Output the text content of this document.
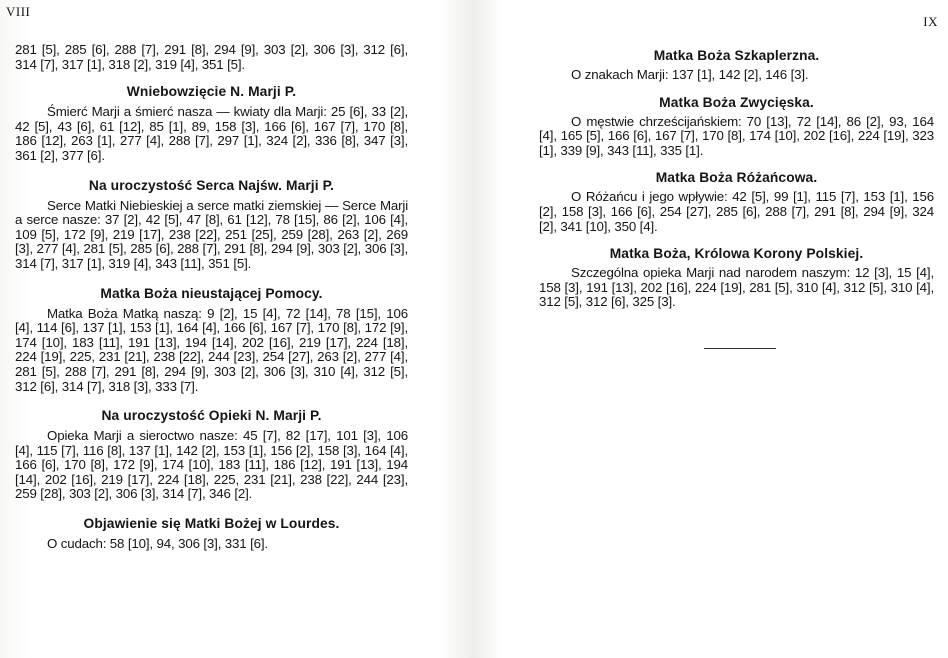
VIII

281 [5], 285 [6], 288 [7], 291 [8], 294 [9], 303 [2], 306 [3], 312 [6], 314 [7], 317 [1], 318 [2], 319 [4], 351 [5].

Wniebowzięcie N. Marji P.

Śmierć Marji a śmierć nasza — kwiaty dla Marji: 25 [6], 33 [2], 42 [5], 43 [6], 61 [12], 85 [1], 89, 158 [3], 166 [6], 167 [7], 170 [8], 186 [12], 263 [1], 277 [4], 288 [7], 297 [1], 324 [2], 336 [8], 347 [3], 361 [2], 377 [6].

Na uroczystość Serca Najśw. Marji P.

Serce Matki Niebieskiej a serce matki ziemskiej — Serce Marji a serce nasze: 37 [2], 42 [5], 47 [8], 61 [12], 78 [15], 86 [2], 106 [4], 109 [5], 172 [9], 219 [17], 238 [22], 251 [25], 259 [28], 263 [2], 269 [3], 277 [4], 281 [5], 285 [6], 288 [7], 291 [8], 294 [9], 303 [2], 306 [3], 314 [7], 317 [1], 319 [4], 343 [11], 351 [5].

Matka Boża nieustającej Pomocy.

Matka Boża Matką naszą: 9 [2], 15 [4], 72 [14], 78 [15], 106 [4], 114 [6], 137 [1], 153 [1], 164 [4], 166 [6], 167 [7], 170 [8], 172 [9], 174 [10], 183 [11], 191 [13], 194 [14], 202 [16], 219 [17], 224 [18], 224 [19], 225, 231 [21], 238 [22], 244 [23], 254 [27], 263 [2], 277 [4], 281 [5], 288 [7], 291 [8], 294 [9], 303 [2], 306 [3], 310 [4], 312 [5], 312 [6], 314 [7], 318 [3], 333 [7].

Na uroczystość Opieki N. Marji P.

Opieka Marji a sieroctwo nasze: 45 [7], 82 [17], 101 [3], 106 [4], 115 [7], 116 [8], 137 [1], 142 [2], 153 [1], 156 [2], 158 [3], 164 [4], 166 [6], 170 [8], 172 [9], 174 [10], 183 [11], 186 [12], 191 [13], 194 [14], 202 [16], 219 [17], 224 [18], 225, 231 [21], 238 [22], 244 [23], 259 [28], 303 [2], 306 [3], 314 [7], 346 [2].

Objawienie się Matki Bożej w Lourdes.

O cudach: 58 [10], 94, 306 [3], 331 [6].

IX

Matka Boża Szkaplerzna.

O znakach Marji: 137 [1], 142 [2], 146 [3].

Matka Boża Zwycięska.

O męstwie chrześcijańskiem: 70 [13], 72 [14], 86 [2], 93, 164 [4], 165 [5], 166 [6], 167 [7], 170 [8], 174 [10], 202 [16], 224 [19], 323 [1], 339 [9], 343 [11], 335 [1].

Matka Boża Różańcowa.

O Różańcu i jego wpływie: 42 [5], 99 [1], 115 [7], 153 [1], 156 [2], 158 [3], 166 [6], 254 [27], 285 [6], 288 [7], 291 [8], 294 [9], 324 [2], 341 [10], 350 [4].

Matka Boża, Królowa Korony Polskiej.

Szczególna opieka Marji nad narodem naszym: 12 [3], 15 [4], 158 [3], 191 [13], 202 [16], 224 [19], 281 [5], 310 [4], 312 [5], 310 [4], 312 [5], 312 [6], 325 [3].
